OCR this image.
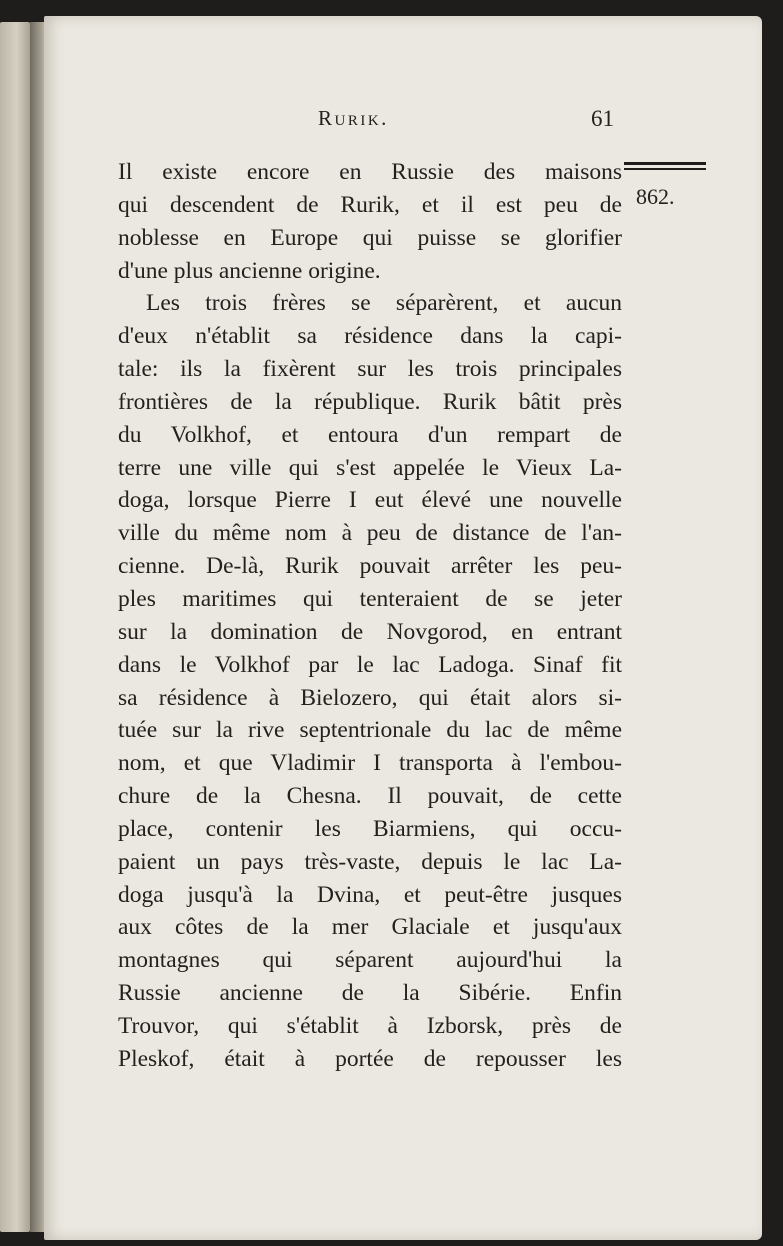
Rurik.	61
862.
Il existe encore en Russie des maisons
qui descendent de Rurik, et il est peu de
noblesse en Europe qui puisse se glorifier
d'une plus ancienne origine.
Les trois frères se séparèrent, et aucun
d'eux n'établit sa résidence dans la capi-
tale: ils la fixèrent sur les trois principales
frontières de la république. Rurik bâtit près
du Volkhof, et entoura d'un rempart de
terre une ville qui s'est appelée le Vieux La-
doga, lorsque Pierre I eut élevé une nouvelle
ville du même nom à peu de distance de l'an-
cienne. De-là, Rurik pouvait arrêter les peu-
ples maritimes qui tenteraient de se jeter
sur la domination de Novgorod, en entrant
dans le Volkhof par le lac Ladoga. Sinaf fit
sa résidence à Bielozero, qui était alors si-
tuée sur la rive septentrionale du lac de même
nom, et que Vladimir I transporta à l'embou-
chure de la Chesna. Il pouvait, de cette
place, contenir les Biarmiens, qui occu-
paient un pays très-vaste, depuis le lac La-
doga jusqu'à la Dvina, et peut-être jusques
aux côtes de la mer Glaciale et jusqu'aux
montagnes qui séparent aujourd'hui la
Russie ancienne de la Sibérie. Enfin
Trouvor, qui s'établit à Izborsk, près de
Pleskof, était à portée de repousser les
